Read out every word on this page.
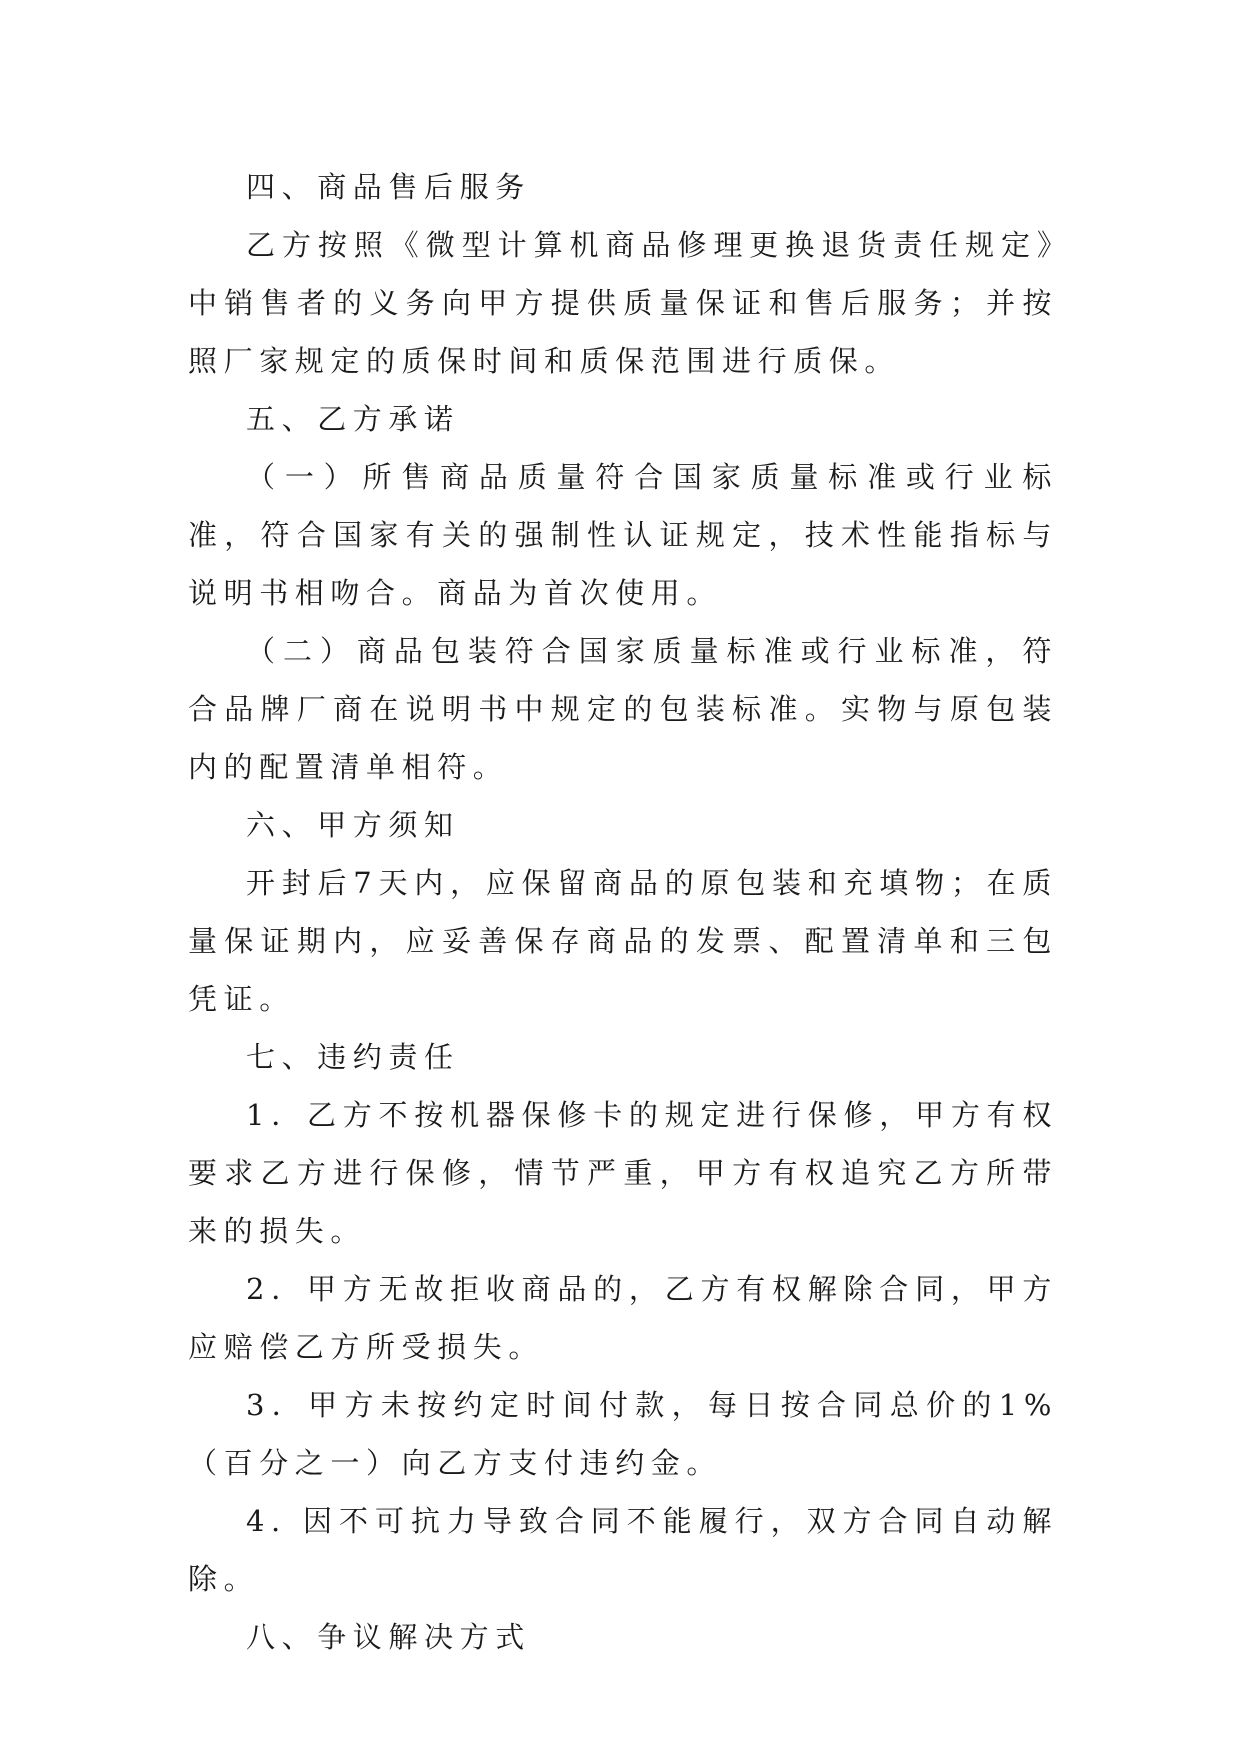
四、商品售后服务

乙方按照《微型计算机商品修理更换退货责任规定》中销售者的义务向甲方提供质量保证和售后服务；并按照厂家规定的质保时间和质保范围进行质保。

五、乙方承诺

（一）所售商品质量符合国家质量标准或行业标准，符合国家有关的强制性认证规定，技术性能指标与说明书相吻合。商品为首次使用。

（二）商品包装符合国家质量标准或行业标准，符合品牌厂商在说明书中规定的包装标准。实物与原包装内的配置清单相符。

六、甲方须知

开封后7天内，应保留商品的原包装和充填物；在质量保证期内，应妥善保存商品的发票、配置清单和三包凭证。

七、违约责任

1．乙方不按机器保修卡的规定进行保修，甲方有权要求乙方进行保修，情节严重，甲方有权追究乙方所带来的损失。

2．甲方无故拒收商品的，乙方有权解除合同，甲方应赔偿乙方所受损失。

3．甲方未按约定时间付款，每日按合同总价的1%（百分之一）向乙方支付违约金。

4. 因不可抗力导致合同不能履行，双方合同自动解除。

八、争议解决方式
